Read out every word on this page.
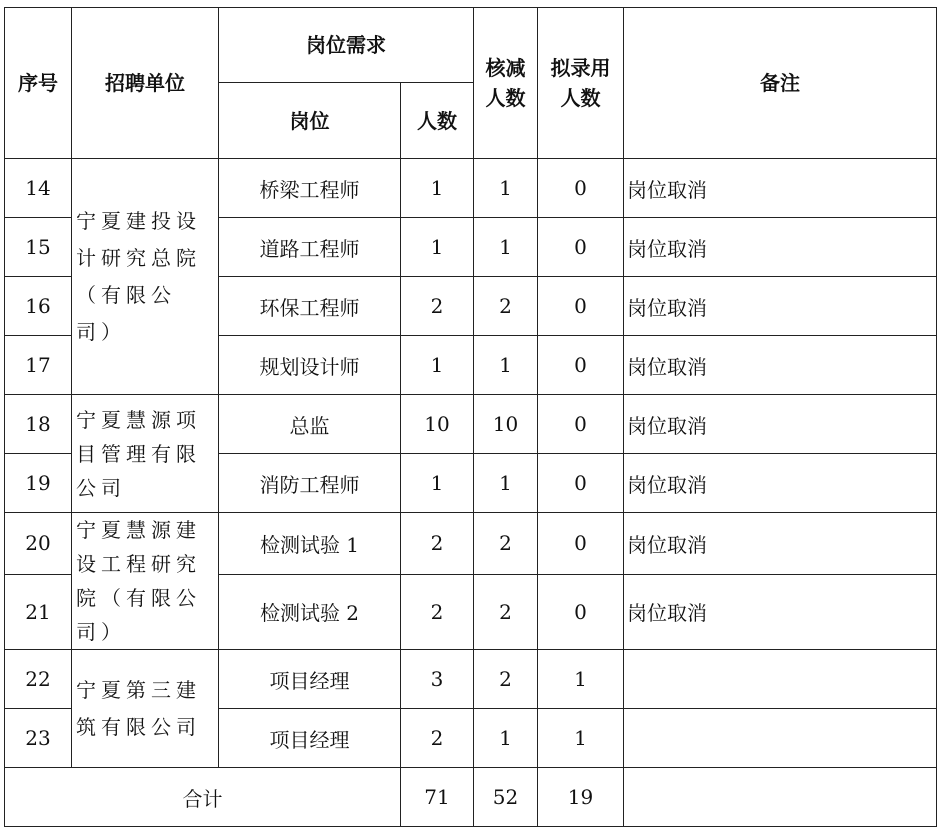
序号	招聘单位	岗位需求		核减人数	拟录用人数	备注
		岗位	人数			
14	宁夏建投设计研究总院（有限公司）	桥梁工程师	1	1	0	岗位取消
15		道路工程师	1	1	0	岗位取消
16		环保工程师	2	2	0	岗位取消
17		规划设计师	1	1	0	岗位取消
18	宁夏慧源项目管理有限公司	总监	10	10	0	岗位取消
19		消防工程师	1	1	0	岗位取消
20	宁夏慧源建设工程研究院（有限公司）	检测试验 1	2	2	0	岗位取消
21		检测试验 2	2	2	0	岗位取消
22	宁夏第三建筑有限公司	项目经理	3	2	1	
23		项目经理	2	1	1	
合计			71	52	19	
